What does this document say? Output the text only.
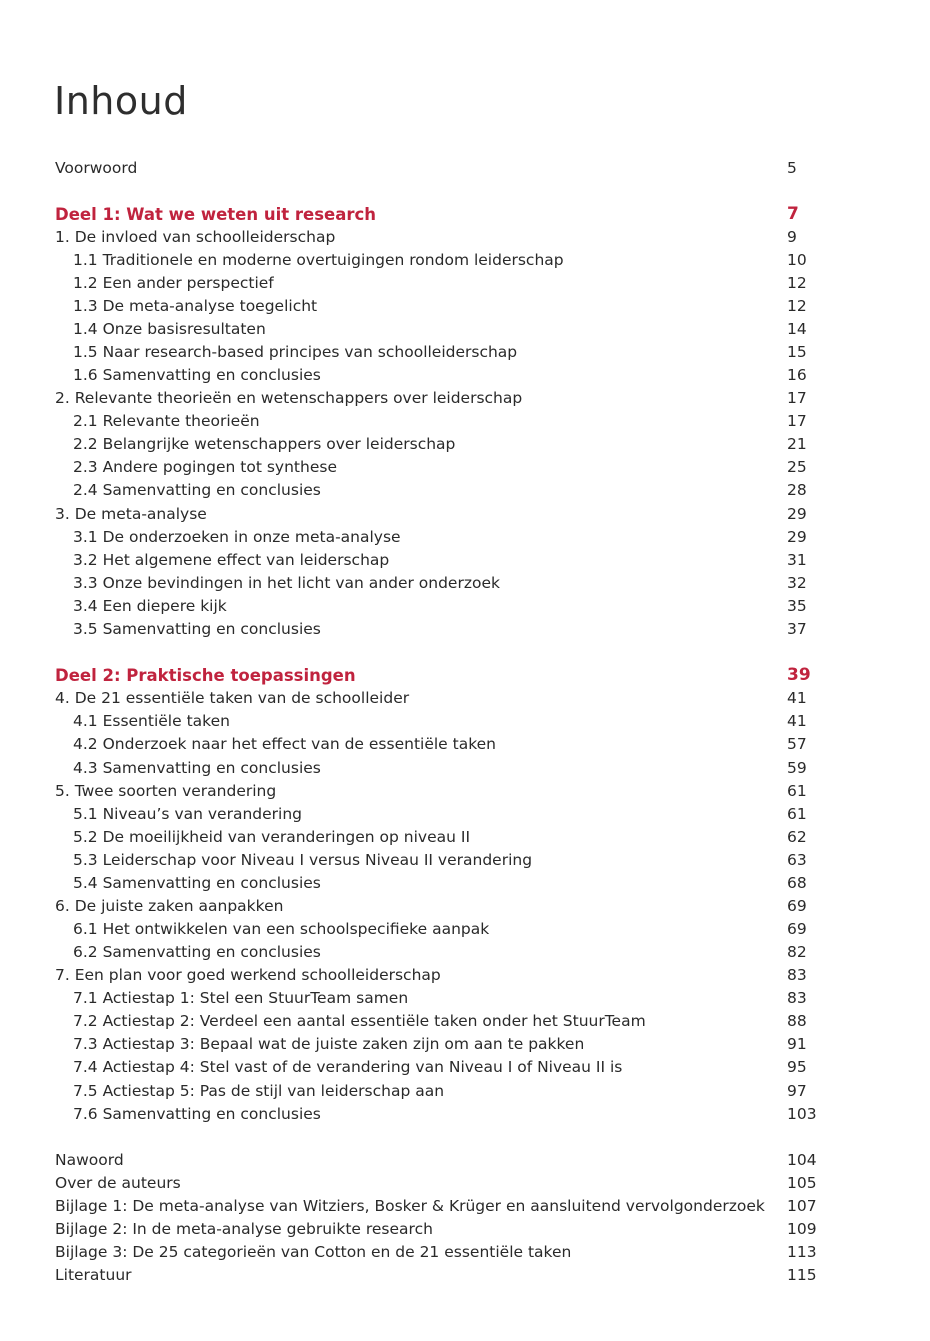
Inhoud
Voorwoord	5
Deel 1: Wat we weten uit research	7
1. De invloed van schoolleiderschap	9
1.1 Traditionele en moderne overtuigingen rondom leiderschap	10
1.2 Een ander perspectief	12
1.3 De meta-analyse toegelicht	12
1.4 Onze basisresultaten	14
1.5 Naar research-based principes van schoolleiderschap	15
1.6 Samenvatting en conclusies	16
2. Relevante theorieën en wetenschappers over leiderschap	17
2.1 Relevante theorieën	17
2.2 Belangrijke wetenschappers over leiderschap	21
2.3 Andere pogingen tot synthese	25
2.4 Samenvatting en conclusies	28
3. De meta-analyse	29
3.1 De onderzoeken in onze meta-analyse	29
3.2 Het algemene effect van leiderschap	31
3.3 Onze bevindingen in het licht van ander onderzoek	32
3.4 Een diepere kijk	35
3.5 Samenvatting en conclusies	37
Deel 2: Praktische toepassingen	39
4. De 21 essentiële taken van de schoolleider	41
4.1 Essentiële taken	41
4.2 Onderzoek naar het effect van de essentiële taken	57
4.3 Samenvatting en conclusies	59
5. Twee soorten verandering	61
5.1 Niveau’s van verandering	61
5.2 De moeilijkheid van veranderingen op niveau II	62
5.3 Leiderschap voor Niveau I versus Niveau II verandering	63
5.4 Samenvatting en conclusies	68
6. De juiste zaken aanpakken	69
6.1 Het ontwikkelen van een schoolspecifieke aanpak	69
6.2 Samenvatting en conclusies	82
7. Een plan voor goed werkend schoolleiderschap	83
7.1 Actiestap 1: Stel een StuurTeam samen	83
7.2 Actiestap 2: Verdeel een aantal essentiële taken onder het StuurTeam	88
7.3 Actiestap 3: Bepaal wat de juiste zaken zijn om aan te pakken	91
7.4 Actiestap 4: Stel vast of de verandering van Niveau I of Niveau II is	95
7.5 Actiestap 5: Pas de stijl van leiderschap aan	97
7.6 Samenvatting en conclusies	103
Nawoord	104
Over de auteurs	105
Bijlage 1: De meta-analyse van Witziers, Bosker & Krüger en aansluitend vervolgonderzoek 107
Bijlage 2: In de meta-analyse gebruikte research	109
Bijlage 3: De 25 categorieën van Cotton en de 21 essentiële taken	113
Literatuur	115
